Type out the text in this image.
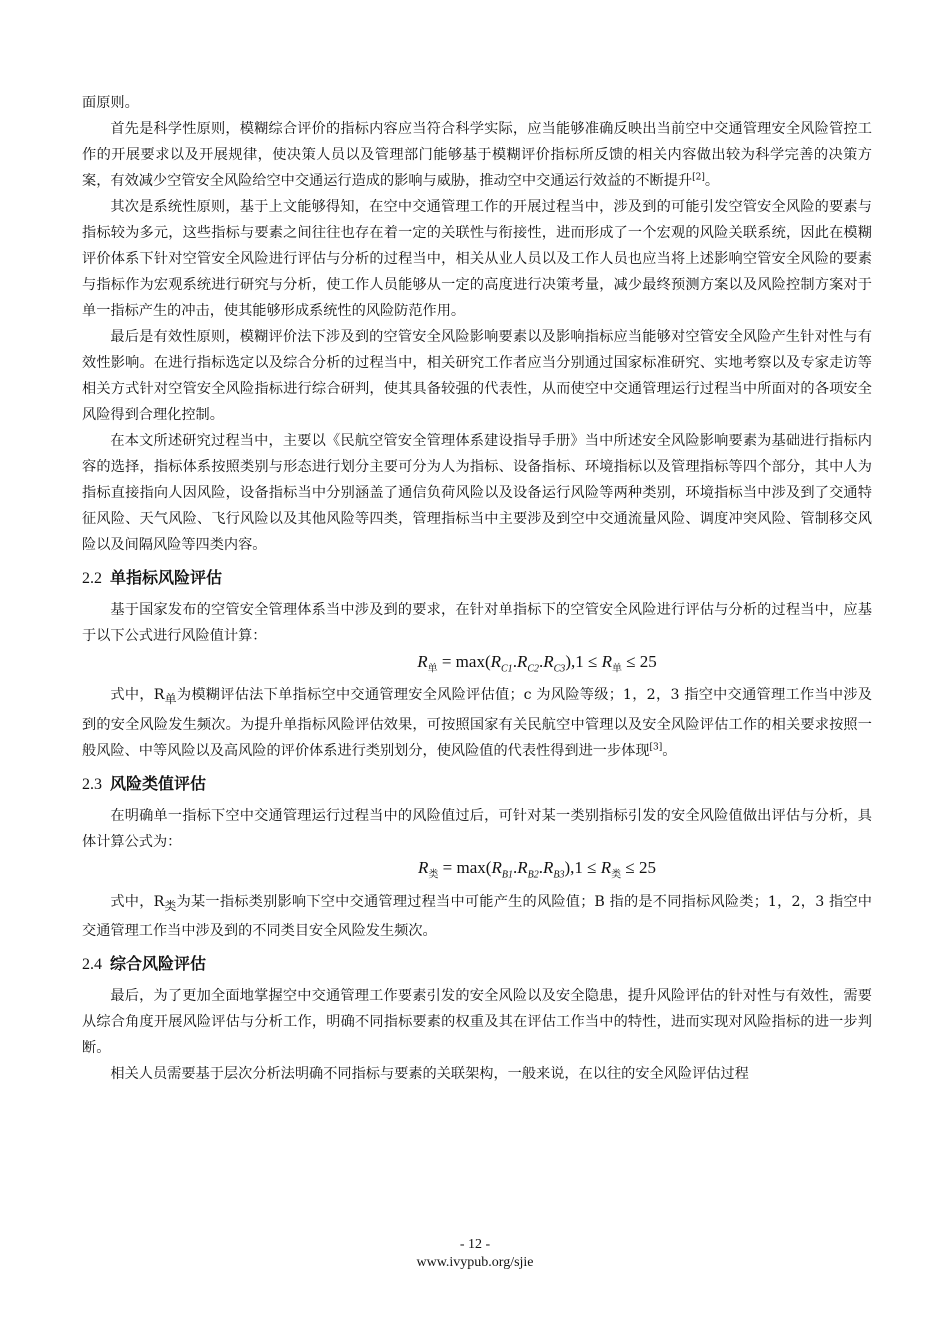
面原则。

首先是科学性原则，模糊综合评价的指标内容应当符合科学实际，应当能够准确反映出当前空中交通管理安全风险管控工作的开展要求以及开展规律，使决策人员以及管理部门能够基于模糊评价指标所反馈的相关内容做出较为科学完善的决策方案，有效减少空管安全风险给空中交通运行造成的影响与威胁，推动空中交通运行效益的不断提升[2]。

其次是系统性原则，基于上文能够得知，在空中交通管理工作的开展过程当中，涉及到的可能引发空管安全风险的要素与指标较为多元，这些指标与要素之间往往也存在着一定的关联性与衔接性，进而形成了一个宏观的风险关联系统，因此在模糊评价体系下针对空管安全风险进行评估与分析的过程当中，相关从业人员以及工作人员也应当将上述影响空管安全风险的要素与指标作为宏观系统进行研究与分析，使工作人员能够从一定的高度进行决策考量，减少最终预测方案以及风险控制方案对于单一指标产生的冲击，使其能够形成系统性的风险防范作用。

最后是有效性原则，模糊评价法下涉及到的空管安全风险影响要素以及影响指标应当能够对空管安全风险产生针对性与有效性影响。在进行指标选定以及综合分析的过程当中，相关研究工作者应当分别通过国家标准研究、实地考察以及专家走访等相关方式针对空管安全风险指标进行综合研判，使其具备较强的代表性，从而使空中交通管理运行过程当中所面对的各项安全风险得到合理化控制。

在本文所述研究过程当中，主要以《民航空管安全管理体系建设指导手册》当中所述安全风险影响要素为基础进行指标内容的选择，指标体系按照类别与形态进行划分主要可分为人为指标、设备指标、环境指标以及管理指标等四个部分，其中人为指标直接指向人因风险，设备指标当中分别涵盖了通信负荷风险以及设备运行风险等两种类别，环境指标当中涉及到了交通特征风险、天气风险、飞行风险以及其他风险等四类，管理指标当中主要涉及到空中交通流量风险、调度冲突风险、管制移交风险以及间隔风险等四类内容。

2.2 单指标风险评估

基于国家发布的空管安全管理体系当中涉及到的要求，在针对单指标下的空管安全风险进行评估与分析的过程当中，应基于以下公式进行风险值计算：

$R_单 = \max(R_{C1}.R_{C2}.R_{C3}),1 \le R_单 \le 25$

式中，$R_单$为模糊评估法下单指标空中交通管理安全风险评估值；c 为风险等级；1，2，3 指空中交通管理工作当中涉及到的安全风险发生频次。为提升单指标风险评估效果，可按照国家有关民航空中管理以及安全风险评估工作的相关要求按照一般风险、中等风险以及高风险的评价体系进行类别划分，使风险值的代表性得到进一步体现[3]。

2.3 风险类值评估

在明确单一指标下空中交通管理运行过程当中的风险值过后，可针对某一类别指标引发的安全风险值做出评估与分析，具体计算公式为：

$R_类 = \max(R_{B1}.R_{B2}.R_{B3}),1 \le R_类 \le 25$

式中，$R_类$为某一指标类别影响下空中交通管理过程当中可能产生的风险值；B 指的是不同指标风险类；1，2，3 指空中交通管理工作当中涉及到的不同类目安全风险发生频次。

2.4 综合风险评估

最后，为了更加全面地掌握空中交通管理工作要素引发的安全风险以及安全隐患，提升风险评估的针对性与有效性，需要从综合角度开展风险评估与分析工作，明确不同指标要素的权重及其在评估工作当中的特性，进而实现对风险指标的进一步判断。

相关人员需要基于层次分析法明确不同指标与要素的关联架构，一般来说，在以往的安全风险评估过程

- 12 -
www.ivypub.org/sjie
